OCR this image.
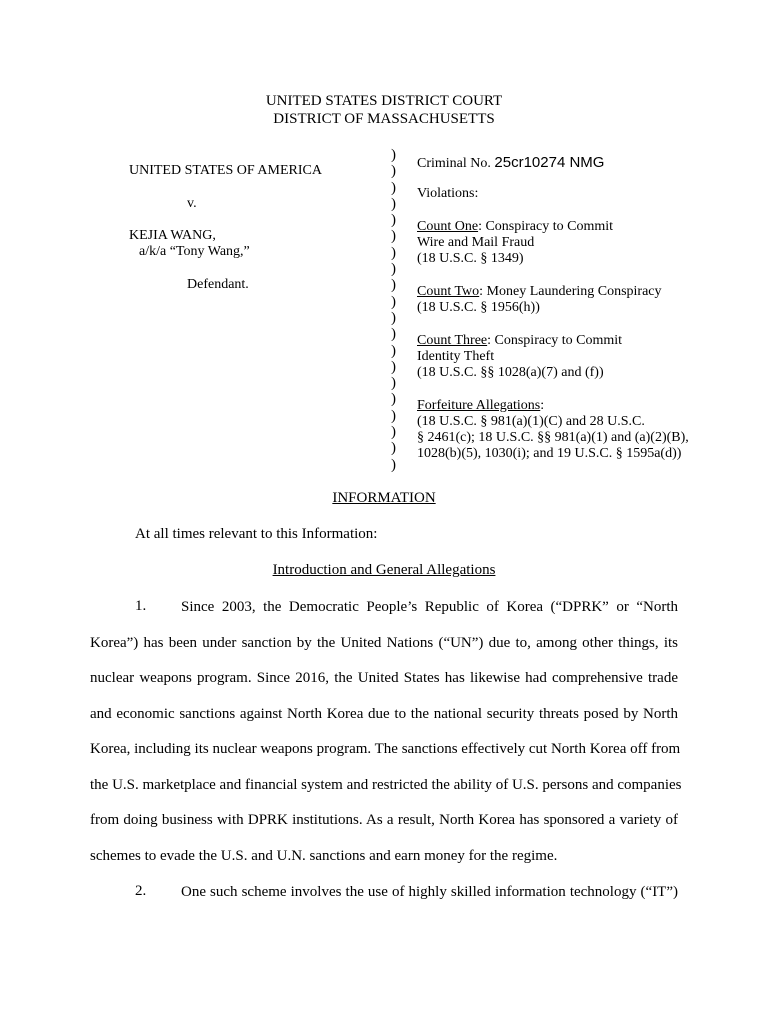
UNITED STATES DISTRICT COURT
DISTRICT OF MASSACHUSETTS
UNITED STATES OF AMERICA
v.
KEJIA WANG,
a/k/a “Tony Wang,”
Defendant.
)
)
)
)
)
)
)
)
)
)
)
)
)
)
)
)
)
)
)
)
Criminal No. 25cr10274 NMG
Violations:
Count One: Conspiracy to Commit
Wire and Mail Fraud
(18 U.S.C. § 1349)
Count Two: Money Laundering Conspiracy
(18 U.S.C. § 1956(h))
Count Three: Conspiracy to Commit
Identity Theft
(18 U.S.C. §§ 1028(a)(7) and (f))
Forfeiture Allegations:
(18 U.S.C. § 981(a)(1)(C) and 28 U.S.C.
§ 2461(c); 18 U.S.C. §§ 981(a)(1) and (a)(2)(B),
1028(b)(5), 1030(i); and 19 U.S.C. § 1595a(d))
INFORMATION
At all times relevant to this Information:
Introduction and General Allegations
1. Since 2003, the Democratic People’s Republic of Korea (“DPRK” or “North
Korea”) has been under sanction by the United Nations (“UN”) due to, among other things, its
nuclear weapons program. Since 2016, the United States has likewise had comprehensive trade
and economic sanctions against North Korea due to the national security threats posed by North
Korea, including its nuclear weapons program. The sanctions effectively cut North Korea off from
the U.S. marketplace and financial system and restricted the ability of U.S. persons and companies
from doing business with DPRK institutions. As a result, North Korea has sponsored a variety of
schemes to evade the U.S. and U.N. sanctions and earn money for the regime.
2. One such scheme involves the use of highly skilled information technology (“IT”)
